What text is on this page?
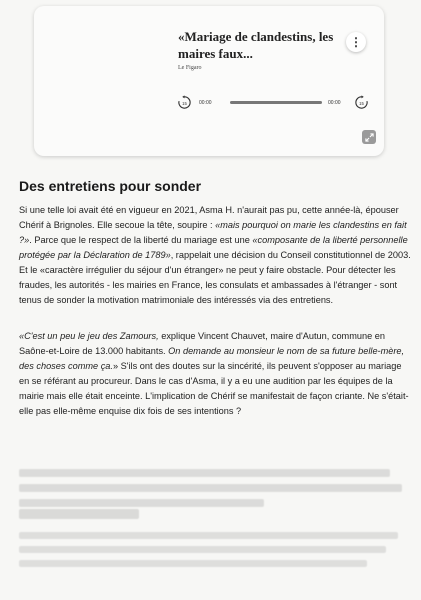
«Mariage de clandestins, les maires faux...
Le Figaro
⋮
15 00:00	00:00	15
Des entretiens pour sonder

Si une telle loi avait été en vigueur en 2021, Asma H. n'aurait pas pu, cette année-là, épouser Chérif à Brignoles. Elle secoue la tête, soupire : «mais pourquoi on marie les clandestins en fait ?». Parce que le respect de la liberté du mariage est une «composante de la liberté personnelle protégée par la Déclaration de 1789», rappelait une décision du Conseil constitutionnel de 2003. Et le «caractère irrégulier du séjour d'un étranger» ne peut y faire obstacle. Pour détecter les fraudes, les autorités - les mairies en France, les consulats et ambassades à l'étranger - sont tenus de sonder la motivation matrimoniale des intéressés via des entretiens.

«C'est un peu le jeu des Zamours, explique Vincent Chauvet, maire d'Autun, commune en Saône-et-Loire de 13.000 habitants. On demande au monsieur le nom de sa future belle-mère, des choses comme ça.» S'ils ont des doutes sur la sincérité, ils peuvent s'opposer au mariage en se référant au procureur. Dans le cas d'Asma, il y a eu une audition par les équipes de la mairie mais elle était enceinte. L'implication de Chérif se manifestait de façon criante. Ne s'était-elle pas elle-même enquise dix fois de ses intentions ?
